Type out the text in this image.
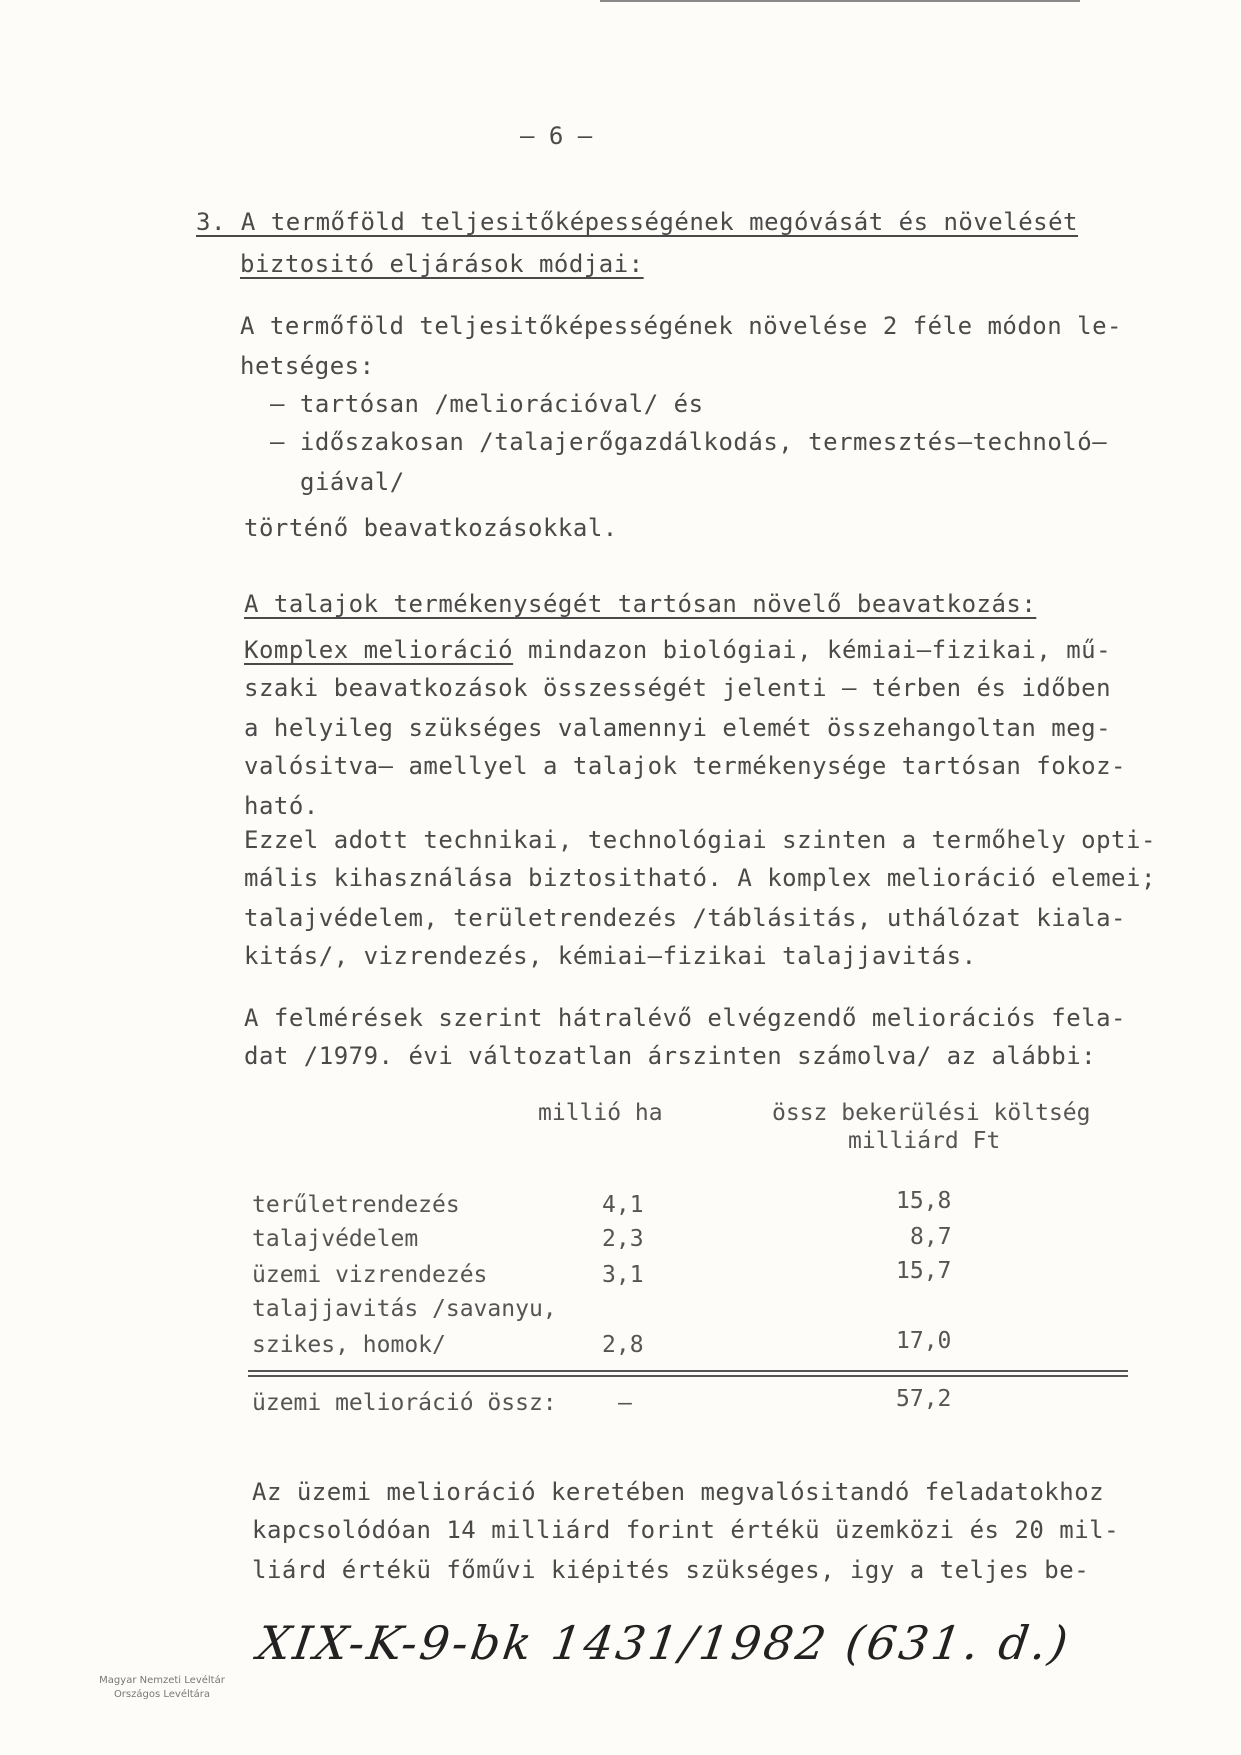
– 6 –
3. A termőföld teljesitőképességének megóvását és növelését
biztositó eljárások módjai:
A termőföld teljesitőképességének növelése 2 féle módon le-
hetséges:
– tartósan /meliorációval/ és
– időszakosan /talajerőgazdálkodás, termesztés–technoló–
giával/
történő beavatkozásokkal.
A talajok termékenységét tartósan növelő beavatkozás:
Komplex melioráció mindazon biológiai, kémiai–fizikai, mű-
szaki beavatkozások összességét jelenti – térben és időben
a helyileg szükséges valamennyi elemét összehangoltan meg-
valósitva– amellyel a talajok termékenysége tartósan fokoz-
ható.
Ezzel adott technikai, technológiai szinten a termőhely opti-
mális kihasználása biztositható. A komplex melioráció elemei;
talajvédelem, területrendezés /táblásitás, uthálózat kiala-
kitás/, vizrendezés, kémiai–fizikai talajjavitás.
A felmérések szerint hátralévő elvégzendő meliorációs fela-
dat /1979. évi változatlan árszinten számolva/ az alábbi:
millió ha	össz bekerülési költség
milliárd Ft
terűletrendezés	4,1	15,8
talajvédelem	2,3	8,7
üzemi vizrendezés	3,1	15,7
talajjavitás /savanyu,
szikes, homok/	2,8	17,0
üzemi melioráció össz:	–	57,2
Az üzemi melioráció keretében megvalósitandó feladatokhoz
kapcsolódóan 14 milliárd forint értékü üzemközi és 20 mil-
liárd értékü főművi kiépités szükséges, igy a teljes be-
Magyar Nemzeti Levéltár
Országos Levéltára
XIX-K-9-bk 1431/1982 (631. d.)
